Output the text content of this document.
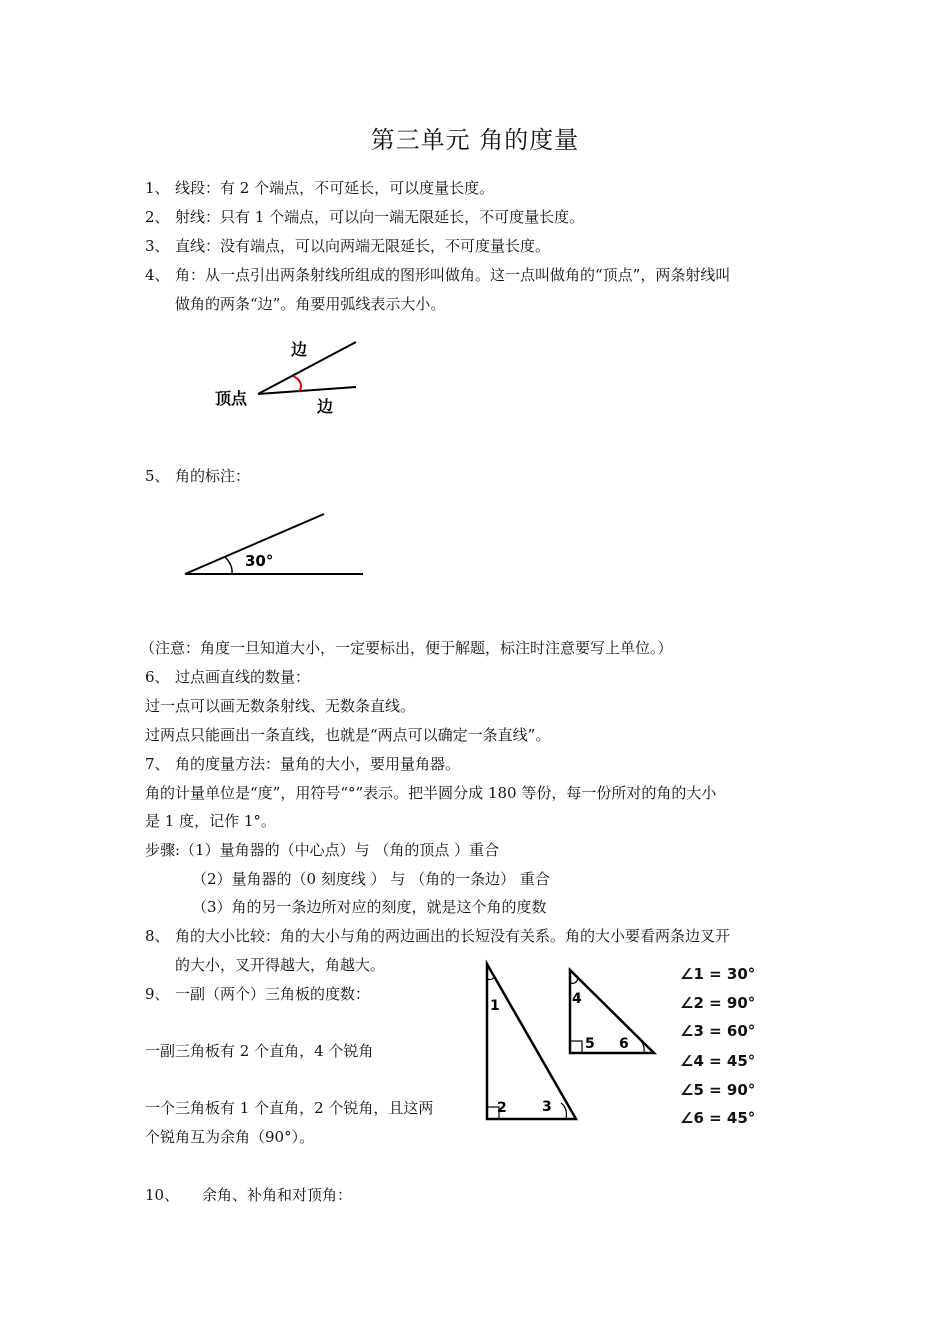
第三单元 角的度量
1、 线段：有 2 个端点，不可延长，可以度量长度。
2、 射线：只有 1 个端点，可以向一端无限延长，不可度量长度。
3、 直线：没有端点，可以向两端无限延长，不可度量长度。
4、 角：从一点引出两条射线所组成的图形叫做角。这一点叫做角的“顶点”，两条射线叫
做角的两条“边”。角要用弧线表示大小。
边
顶点	边
5、 角的标注：
30°
（注意：角度一旦知道大小，一定要标出，便于解题，标注时注意要写上单位。）
6、 过点画直线的数量：
过一点可以画无数条射线、无数条直线。
过两点只能画出一条直线，也就是“两点可以确定一条直线”。
7、 角的度量方法：量角的大小，要用量角器。
角的计量单位是“度”，用符号“°”表示。把半圆分成 180 等份，每一份所对的角的大小
是 1 度，记作 1°。
步骤:（1）量角器的（中心点）与 （角的顶点 ）重合
（2）量角器的（0 刻度线 ） 与 （角的一条边） 重合
（3）角的另一条边所对应的刻度，就是这个角的度数
8、 角的大小比较：角的大小与角的两边画出的长短没有关系。角的大小要看两条边叉开
的大小，叉开得越大，角越大。
9、 一副（两个）三角板的度数：
一副三角板有 2 个直角，4 个锐角
一个三角板有 1 个直角，2 个锐角，且这两
个锐角互为余角（90°）。
1
2	3
4
5 6
∠1 = 30°
∠2 = 90°
∠3 = 60°
∠4 = 45°
∠5 = 90°
∠6 = 45°
10、 余角、补角和对顶角：
